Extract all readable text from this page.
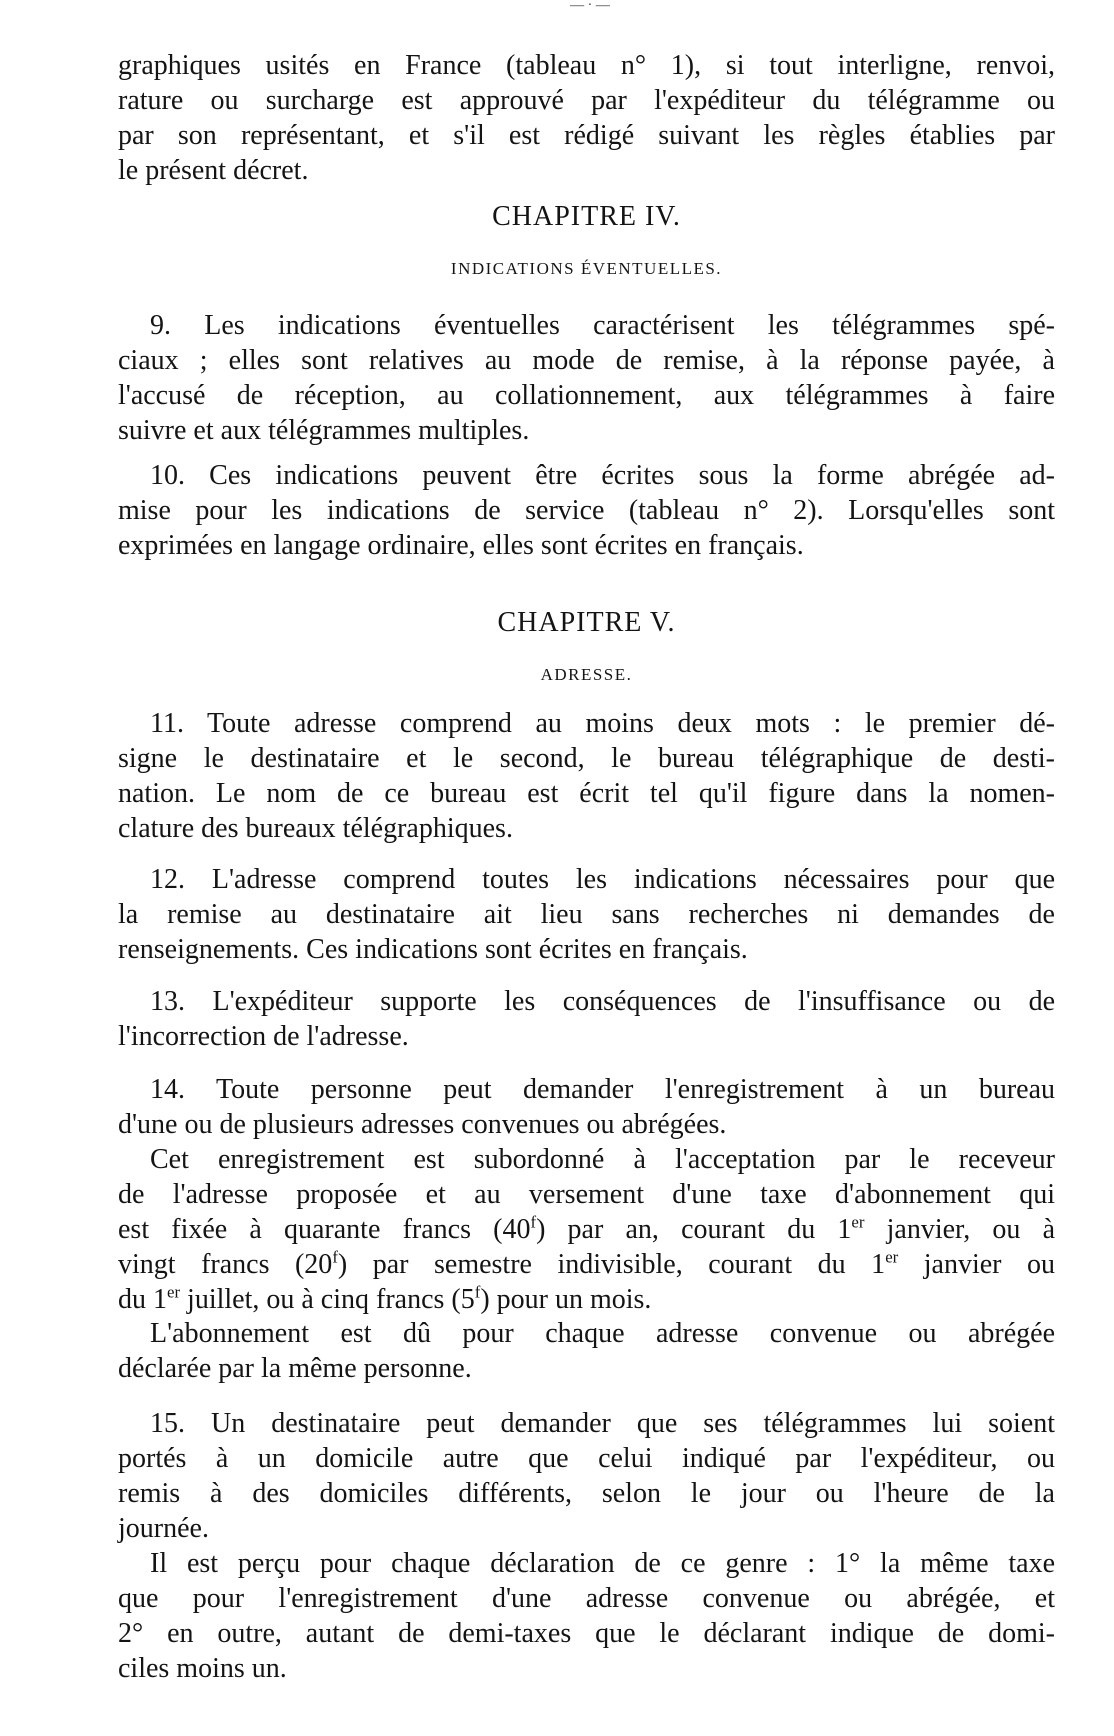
— · —
graphiques usités en France (tableau n° 1), si tout interligne, renvoi,
rature ou surcharge est approuvé par l'expéditeur du télégramme ou
par son représentant, et s'il est rédigé suivant les règles établies par
le présent décret.
CHAPITRE IV.
INDICATIONS ÉVENTUELLES.
9. Les indications éventuelles caractérisent les télégrammes spé-
ciaux ; elles sont relatives au mode de remise, à la réponse payée, à
l'accusé de réception, au collationnement, aux télégrammes à faire
suivre et aux télégrammes multiples.
10. Ces indications peuvent être écrites sous la forme abrégée ad-
mise pour les indications de service (tableau n° 2). Lorsqu'elles sont
exprimées en langage ordinaire, elles sont écrites en français.
CHAPITRE V.
ADRESSE.
11. Toute adresse comprend au moins deux mots : le premier dé-
signe le destinataire et le second, le bureau télégraphique de desti-
nation. Le nom de ce bureau est écrit tel qu'il figure dans la nomen-
clature des bureaux télégraphiques.
12. L'adresse comprend toutes les indications nécessaires pour que
la remise au destinataire ait lieu sans recherches ni demandes de
renseignements. Ces indications sont écrites en français.
13. L'expéditeur supporte les conséquences de l'insuffisance ou de
l'incorrection de l'adresse.
14. Toute personne peut demander l'enregistrement à un bureau
d'une ou de plusieurs adresses convenues ou abrégées.
Cet enregistrement est subordonné à l'acceptation par le receveur
de l'adresse proposée et au versement d'une taxe d'abonnement qui
est fixée à quarante francs (40$^f$) par an, courant du 1er janvier, ou à
vingt francs (20$^f$) par semestre indivisible, courant du 1er janvier ou
du 1er juillet, ou à cinq francs (5$^f$) pour un mois.
L'abonnement est dû pour chaque adresse convenue ou abrégée
déclarée par la même personne.
15. Un destinataire peut demander que ses télégrammes lui soient
portés à un domicile autre que celui indiqué par l'expéditeur, ou
remis à des domiciles différents, selon le jour ou l'heure de la
journée.
Il est perçu pour chaque déclaration de ce genre : 1° la même taxe
que pour l'enregistrement d'une adresse convenue ou abrégée, et
2° en outre, autant de demi-taxes que le déclarant indique de domi-
ciles moins un.
